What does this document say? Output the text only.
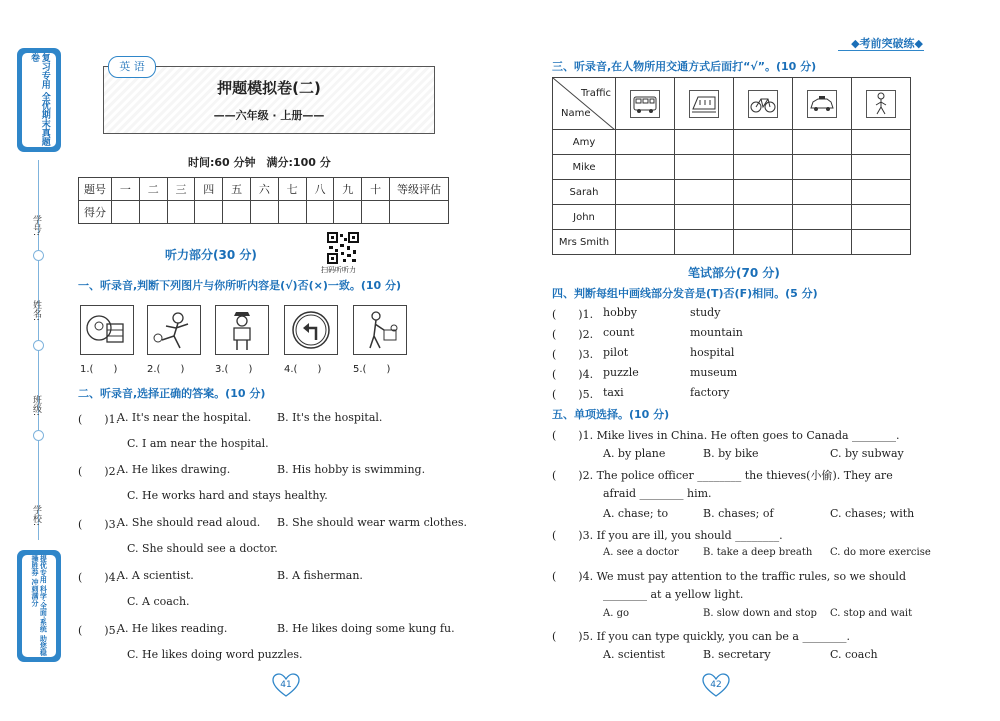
复习专用 全优期末真题卷
学号:
姓名:
班级:
学校:
提优专用 科学·全面·系统 助您稳操胜券 冲刺满分
英 语
押题模拟卷(二)
——六年级 · 上册——
时间:60 分钟　满分:100 分
题号	一	二	三	四	五	六	七	八	九	十	等级评估
得分											
听力部分(30 分)
扫码听听力
一、听录音,判断下列图片与你所听内容是(√)否(×)一致。(10 分)
1.(　　)	2.(　　)	3.(　　)	4.(　　)	5.(　　)
二、听录音,选择正确的答案。(10 分)
(　　)1.
A. It's near the hospital. B. It's the hospital.
C. I am near the hospital.
(　　)2.
A. He likes drawing.	B. His hobby is swimming.
C. He works hard and stays healthy.
(　　)3.
A. She should read aloud. B. She should wear warm clothes.
C. She should see a doctor.
(　　)4.
A. A scientist.	B. A fisherman.
C. A coach.
(　　)5.
A. He likes reading.	B. He likes doing some kung fu.
C. He likes doing word puzzles.
41
◆考前突破练◆
三、听录音,在人物所用交通方式后面打“√”。(10 分)
Traffic
Name

Amy					
Mike					
Sarah					
John					
Mrs Smith					
笔试部分(70 分)
四、判断每组中画线部分发音是(T)否(F)相同。(5 分)
(　　)1. hobby	study
(　　)2. count	mountain
(　　)3. pilot	hospital
(　　)4. puzzle	museum
(　　)5. taxi	factory
五、单项选择。(10 分)
(　　)1. Mike lives in China. He often goes to Canada ________.
A. by plane	B. by bike	C. by subway
(　　)2. The police officer ________ the thieves(小偷). They are
afraid ________ him.
A. chase; to	B. chases; of	C. chases; with
(　　)3. If you are ill, you should ________.
A. see a doctor B. take a deep breath C. do more exercise
(　　)4. We must pay attention to the traffic rules, so we should
________ at a yellow light.
A. go	B. slow down and stop C. stop and wait
(　　)5. If you can type quickly, you can be a ________.
A. scientist	B. secretary	C. coach
42
